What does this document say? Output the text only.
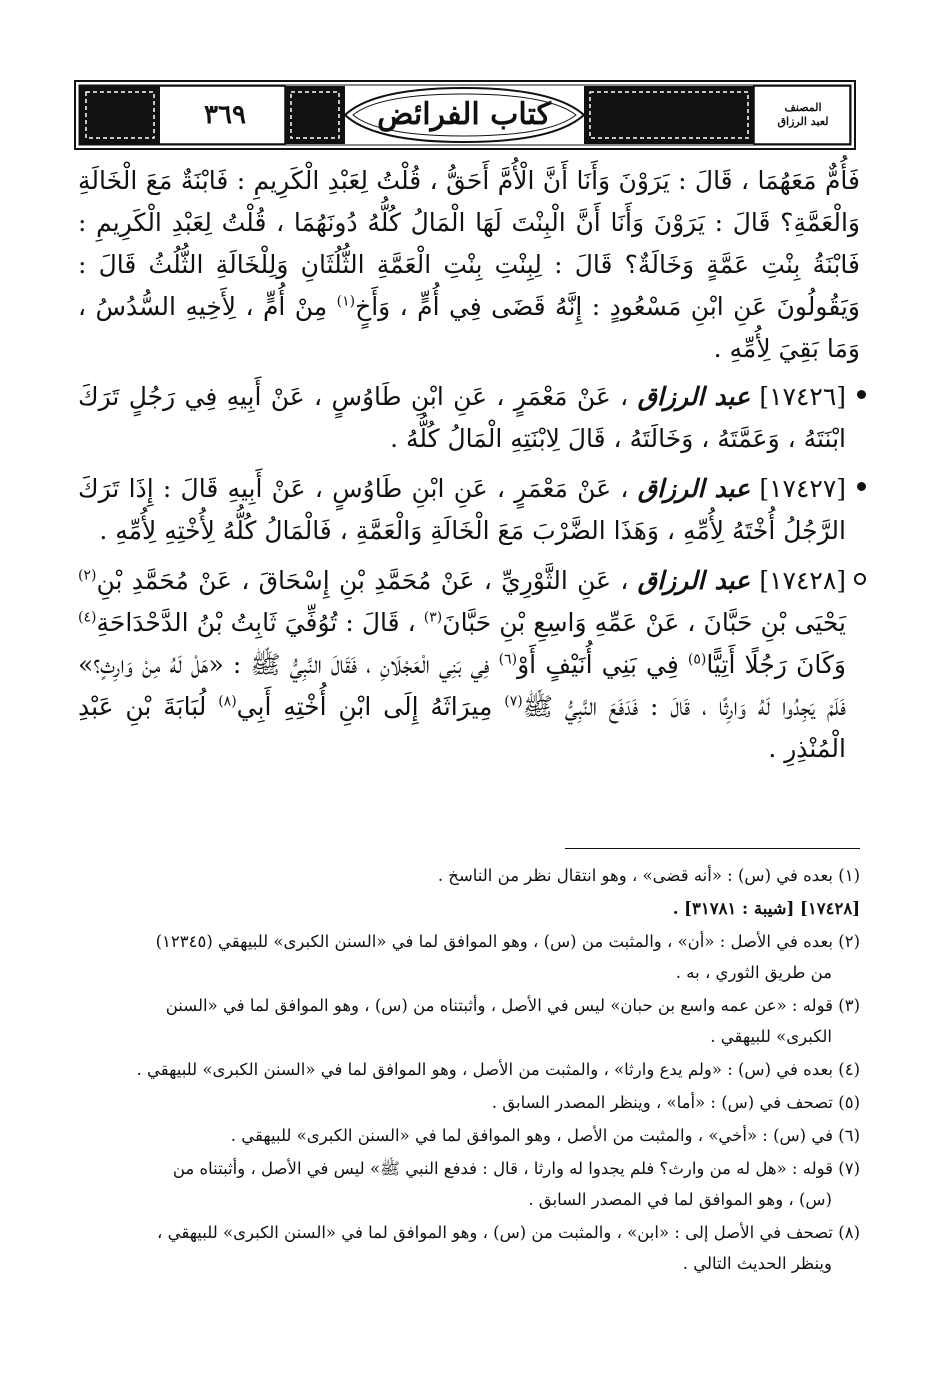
٣٦٩	كتاب الفرائض	المصنف
لعبد الرزاق

فَأُمٌّ مَعَهُمَا ، قَالَ : يَرَوْنَ وَأَنَا أَنَّ الْأُمَّ أَحَقُّ ، قُلْتُ لِعَبْدِ الْكَرِيمِ : فَابْنَةٌ مَعَ الْخَالَةِ وَالْعَمَّةِ؟ قَالَ : يَرَوْنَ وَأَنَا أَنَّ الْبِنْتَ لَهَا الْمَالُ كُلُّهُ دُونَهُمَا ، قُلْتُ لِعَبْدِ الْكَرِيمِ : فَابْنَةُ بِنْتِ عَمَّةٍ وَخَالَةٌ؟ قَالَ : لِبِنْتِ بِنْتِ الْعَمَّةِ الثُّلُثَانِ وَلِلْخَالَةِ الثُّلُثُ قَالَ : وَيَقُولُونَ عَنِ ابْنِ مَسْعُودٍ : إِنَّهُ قَضَى فِي أُمٍّ ، وَأَخٍ$^{(١)}$ مِنْ أُمٍّ ، لِأَخِيهِ السُّدُسُ ، وَمَا بَقِيَ لِأُمِّهِ .

[١٧٤٢٦] عبد الرزاق ، عَنْ مَعْمَرٍ ، عَنِ ابْنِ طَاوُسٍ ، عَنْ أَبِيهِ فِي رَجُلٍ تَرَكَ ابْنَتَهُ ، وَعَمَّتَهُ ، وَخَالَتَهُ ، قَالَ لِابْنَتِهِ الْمَالُ كُلُّهُ .

[١٧٤٢٧] عبد الرزاق ، عَنْ مَعْمَرٍ ، عَنِ ابْنِ طَاوُسٍ ، عَنْ أَبِيهِ قَالَ : إِذَا تَرَكَ الرَّجُلُ أُخْتَهُ لِأُمِّهِ ، وَهَذَا الضَّرْبَ مَعَ الْخَالَةِ وَالْعَمَّةِ ، فَالْمَالُ كُلُّهُ لِأُخْتِهِ لِأُمِّهِ .

[١٧٤٢٨] عبد الرزاق ، عَنِ الثَّوْرِيِّ ، عَنْ مُحَمَّدِ بْنِ إِسْحَاقَ ، عَنْ مُحَمَّدِ بْنِ$^{(٢)}$ يَحْيَى بْنِ حَبَّانَ ، عَنْ عَمِّهِ وَاسِعِ بْنِ حَبَّانَ$^{(٣)}$ ، قَالَ : تُوُفِّيَ ثَابِتُ بْنُ الدَّحْدَاحَةِ$^{(٤)}$ وَكَانَ رَجُلًا أَتِيًّا$^{(٥)}$ فِي بَنِي أُنَيْفٍ أَوْ$^{(٦)}$ فِي بَنِي الْعَجْلَانِ ، فَقَالَ النَّبِيُّ ﷺ : «هَلْ لَهُ مِنْ وَارِثٍ؟» فَلَمْ يَجِدُوا لَهُ وَارِثًا ، قَالَ : فَدَفَعَ النَّبِيُّ ﷺ$^{(٧)}$ مِيرَاثَهُ إِلَى ابْنِ أُخْتِهِ أَبِي$^{(٨)}$ لُبَابَةَ بْنِ عَبْدِ الْمُنْذِرِ .

(١) بعده في (س) : «أنه قضى» ، وهو انتقال نظر من الناسخ .

[١٧٤٢٨] [شيبة : ٣١٧٨١] .

(٢) بعده في الأصل : «أن» ، والمثبت من (س) ، وهو الموافق لما في «السنن الكبرى» للبيهقي (١٢٣٤٥)
من طريق الثوري ، به .

(٣) قوله : «عن عمه واسع بن حبان» ليس في الأصل ، وأثبتناه من (س) ، وهو الموافق لما في «السنن
الكبرى» للبيهقي .

(٤) بعده في (س) : «ولم يدع وارثا» ، والمثبت من الأصل ، وهو الموافق لما في «السنن الكبرى» للبيهقي .

(٥) تصحف في (س) : «أما» ، وينظر المصدر السابق .

(٦) في (س) : «أخي» ، والمثبت من الأصل ، وهو الموافق لما في «السنن الكبرى» للبيهقي .

(٧) قوله : «هل له من وارث؟ فلم يجدوا له وارثا ، قال : فدفع النبي ﷺ» ليس في الأصل ، وأثبتناه من
(س) ، وهو الموافق لما في المصدر السابق .

(٨) تصحف في الأصل إلى : «ابن» ، والمثبت من (س) ، وهو الموافق لما في «السنن الكبرى» للبيهقي ،
وينظر الحديث التالي .
